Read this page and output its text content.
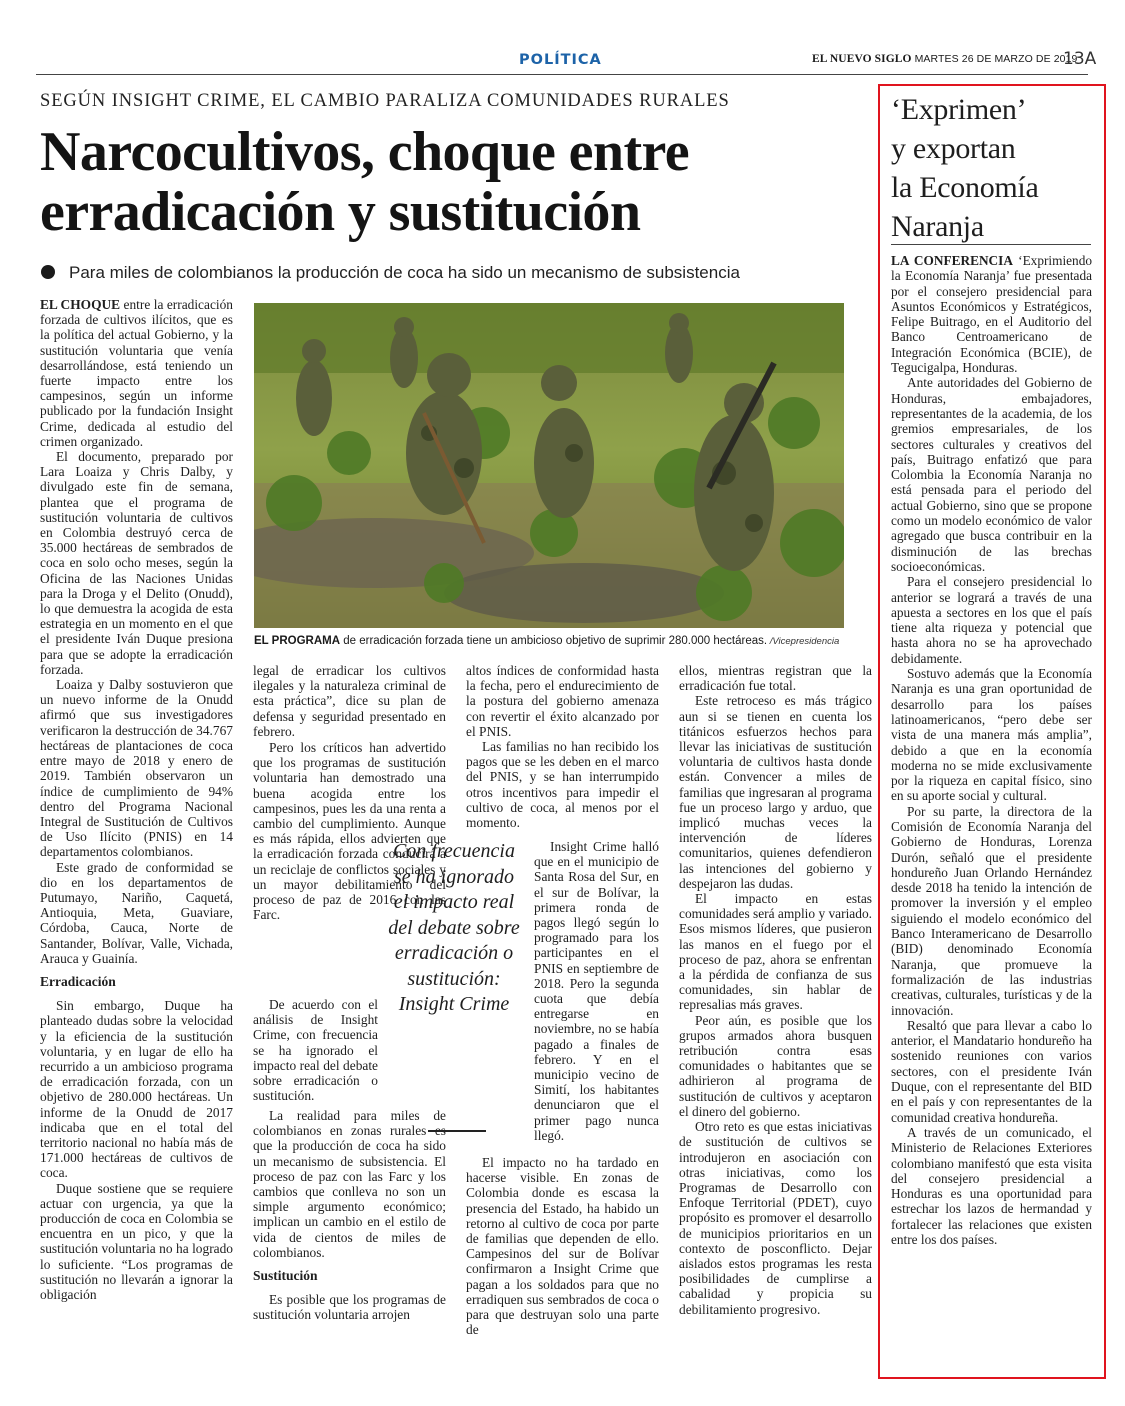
POLÍTICA	EL NUEVO SIGLO MARTES 26 DE MARZO DE 2019
13A
SEGÚN INSIGHT CRIME, EL CAMBIO PARALIZA COMUNIDADES RURALES
Narcocultivos, choque entre erradicación y sustitución
Para miles de colombianos la producción de coca ha sido un mecanismo de subsistencia
EL PROGRAMA de erradicación forzada tiene un ambicioso objetivo de suprimir 280.000 hectáreas. /Vicepresidencia

EL CHOQUE entre la erradicación forzada de cultivos ilícitos, que es la política del actual Gobierno, y la sustitución voluntaria que venía desarrollándose, está teniendo un fuerte impacto entre los campesinos, según un informe publicado por la fundación Insight Crime, dedicada al estudio del crimen organizado.

El documento, preparado por Lara Loaiza y Chris Dalby, y divulgado este fin de semana, plantea que el programa de sustitución voluntaria de cultivos en Colombia destruyó cerca de 35.000 hectáreas de sembrados de coca en solo ocho meses, según la Oficina de las Naciones Unidas para la Droga y el Delito (Onudd), lo que demuestra la acogida de esta estrategia en un momento en el que el presidente Iván Duque presiona para que se adopte la erradicación forzada.

Loaiza y Dalby sostuvieron que un nuevo informe de la Onudd afirmó que sus investigadores verificaron la destrucción de 34.767 hectáreas de plantaciones de coca entre mayo de 2018 y enero de 2019. También observaron un índice de cumplimiento de 94% dentro del Programa Nacional Integral de Sustitución de Cultivos de Uso Ilícito (PNIS) en 14 departamentos colombianos.

Este grado de conformidad se dio en los departamentos de Putumayo, Nariño, Caquetá, Antioquia, Meta, Guaviare, Córdoba, Cauca, Norte de Santander, Bolívar, Valle, Vichada, Arauca y Guainía.

Erradicación

Sin embargo, Duque ha planteado dudas sobre la velocidad y la eficiencia de la sustitución voluntaria, y en lugar de ello ha recurrido a un ambicioso programa de erradicación forzada, con un objetivo de 280.000 hectáreas. Un informe de la Onudd de 2017 indicaba que en el total del territorio nacional no había más de 171.000 hectáreas de cultivos de coca.

Duque sostiene que se requiere actuar con urgencia, ya que la producción de coca en Colombia se encuentra en un pico, y que la sustitución voluntaria no ha logrado lo suficiente. “Los programas de sustitución no llevarán a ignorar la obligación

legal de erradicar los cultivos ilegales y la naturaleza criminal de esta práctica”, dice su plan de defensa y seguridad presentado en febrero.

Pero los críticos han advertido que los programas de sustitución voluntaria han demostrado una buena acogida entre los campesinos, pues les da una renta a cambio del cumplimiento. Aunque es más rápida, ellos advierten que la erradicación forzada conducirá a un reciclaje de conflictos sociales y un mayor debilitamiento del proceso de paz de 2016 con las Farc.

De acuerdo con el análisis de Insight Crime, con frecuencia se ha ignorado el impacto real del debate sobre erradicación o sustitución.

La realidad para miles de colombianos en zonas rurales es que la producción de coca ha sido un mecanismo de subsistencia. El proceso de paz con las Farc y los cambios que conlleva no son un simple argumento económico; implican un cambio en el estilo de vida de cientos de miles de colombianos.

Sustitución

Es posible que los programas de sustitución voluntaria arrojen

Con frecuencia se ha ignorado el impacto real del debate sobre erradicación o sustitución: Insight Crime

altos índices de conformidad hasta la fecha, pero el endurecimiento de la postura del gobierno amenaza con revertir el éxito alcanzado por el PNIS.

Las familias no han recibido los pagos que se les deben en el marco del PNIS, y se han interrumpido otros incentivos para impedir el cultivo de coca, al menos por el momento.

Insight Crime halló que en el municipio de Santa Rosa del Sur, en el sur de Bolívar, la primera ronda de pagos llegó según lo programado para los participantes en el PNIS en septiembre de 2018. Pero la segunda cuota que debía entregarse en noviembre, no se había pagado a finales de febrero. Y en el municipio vecino de Simití, los habitantes denunciaron que el primer pago nunca llegó.

El impacto no ha tardado en hacerse visible. En zonas de Colombia donde es escasa la presencia del Estado, ha habido un retorno al cultivo de coca por parte de familias que dependen de ello. Campesinos del sur de Bolívar confirmaron a Insight Crime que pagan a los soldados para que no erradiquen sus sembrados de coca o para que destruyan solo una parte de

ellos, mientras registran que la erradicación fue total.

Este retroceso es más trágico aun si se tienen en cuenta los titánicos esfuerzos hechos para llevar las iniciativas de sustitución voluntaria de cultivos hasta donde están. Convencer a miles de familias que ingresaran al programa fue un proceso largo y arduo, que implicó muchas veces la intervención de líderes comunitarios, quienes defendieron las intenciones del gobierno y despejaron las dudas.

El impacto en estas comunidades será amplio y variado. Esos mismos líderes, que pusieron las manos en el fuego por el proceso de paz, ahora se enfrentan a la pérdida de confianza de sus comunidades, sin hablar de represalias más graves.

Peor aún, es posible que los grupos armados ahora busquen retribución contra esas comunidades o habitantes que se adhirieron al programa de sustitución de cultivos y aceptaron el dinero del gobierno.

Otro reto es que estas iniciativas de sustitución de cultivos se introdujeron en asociación con otras iniciativas, como los Programas de Desarrollo con Enfoque Territorial (PDET), cuyo propósito es promover el desarrollo de municipios prioritarios en un contexto de posconflicto. Dejar aislados estos programas les resta posibilidades de cumplirse a cabalidad y propicia su debilitamiento progresivo.

‘Exprimen’
y exportan
la Economía
Naranja

LA CONFERENCIA ‘Exprimiendo la Economía Naranja’ fue presentada por el consejero presidencial para Asuntos Económicos y Estratégicos, Felipe Buitrago, en el Auditorio del Banco Centroamericano de Integración Económica (BCIE), de Tegucigalpa, Honduras.

Ante autoridades del Gobierno de Honduras, embajadores, representantes de la academia, de los gremios empresariales, de los sectores culturales y creativos del país, Buitrago enfatizó que para Colombia la Economía Naranja no está pensada para el periodo del actual Gobierno, sino que se propone como un modelo económico de valor agregado que busca contribuir en la disminución de las brechas socioeconómicas.

Para el consejero presidencial lo anterior se logrará a través de una apuesta a sectores en los que el país tiene alta riqueza y potencial que hasta ahora no se ha aprovechado debidamente.

Sostuvo además que la Economía Naranja es una gran oportunidad de desarrollo para los países latinoamericanos, “pero debe ser vista de una manera más amplia”, debido a que en la economía moderna no se mide exclusivamente por la riqueza en capital físico, sino en su aporte social y cultural.

Por su parte, la directora de la Comisión de Economía Naranja del Gobierno de Honduras, Lorenza Durón, señaló que el presidente hondureño Juan Orlando Hernández desde 2018 ha tenido la intención de promover la inversión y el empleo siguiendo el modelo económico del Banco Interamericano de Desarrollo (BID) denominado Economía Naranja, que promueve la formalización de las industrias creativas, culturales, turísticas y de la innovación.

Resaltó que para llevar a cabo lo anterior, el Mandatario hondureño ha sostenido reuniones con varios sectores, con el presidente Iván Duque, con el representante del BID en el país y con representantes de la comunidad creativa hondureña.

A través de un comunicado, el Ministerio de Relaciones Exteriores colombiano manifestó que esta visita del consejero presidencial a Honduras es una oportunidad para estrechar los lazos de hermandad y fortalecer las relaciones que existen entre los dos países.
